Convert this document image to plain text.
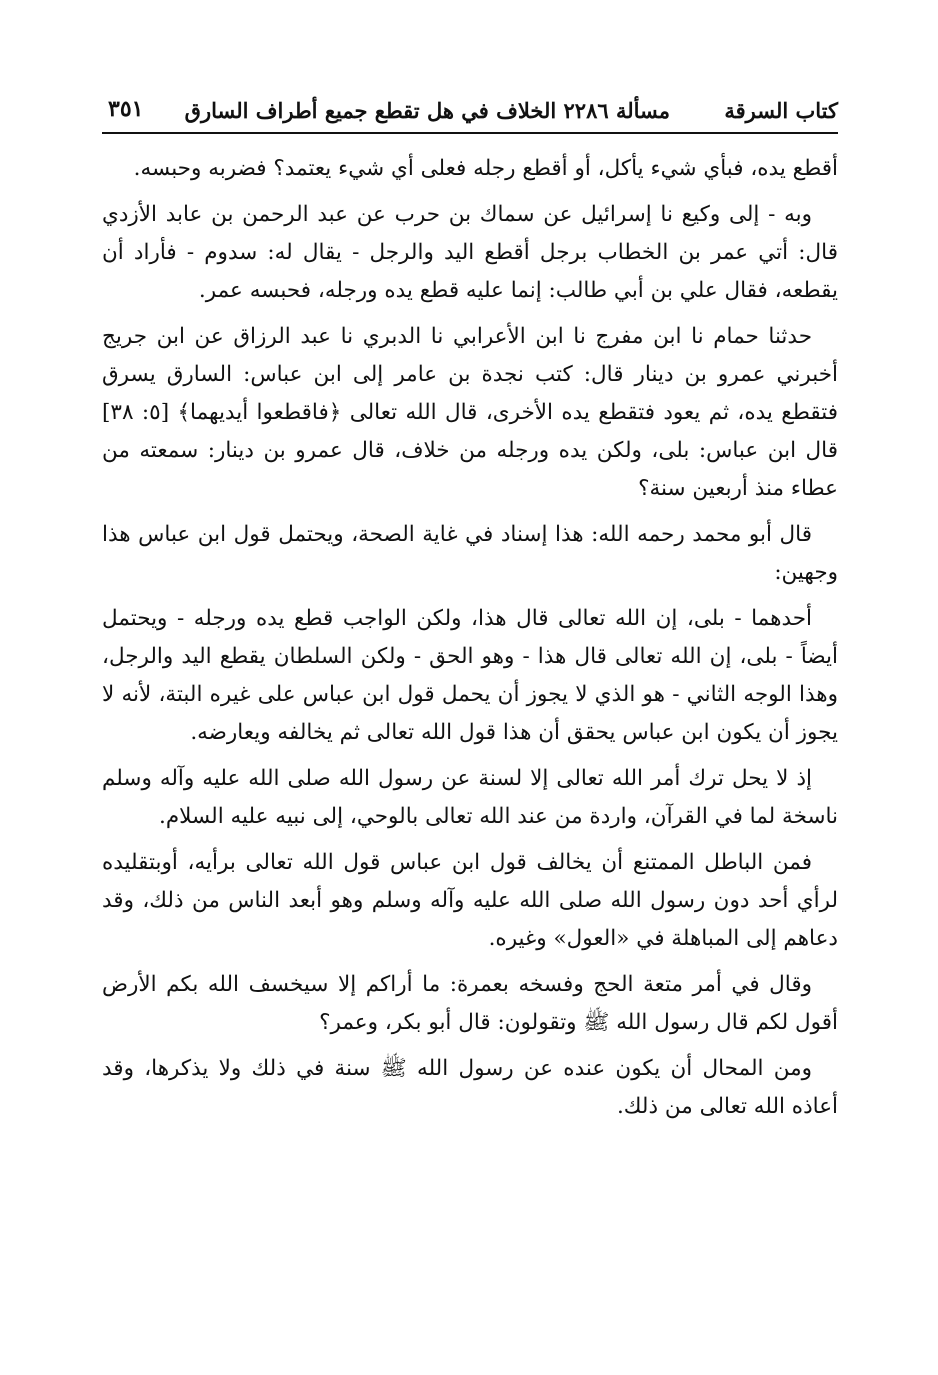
كتاب السرقة
مسألة ٢٢٨٦ الخلاف في هل تقطع جميع أطراف السارق
٣٥١

أقطع يده، فبأي شيء يأكل، أو أقطع رجله فعلى أي شيء يعتمد؟ فضربه وحبسه.

وبه - إلى وكيع نا إسرائيل عن سماك بن حرب عن عبد الرحمن بن عابد الأزدي قال: أتي عمر بن الخطاب برجل أقطع اليد والرجل - يقال له: سدوم - فأراد أن يقطعه، فقال علي بن أبي طالب: إنما عليه قطع يده ورجله، فحبسه عمر.

حدثنا حمام نا ابن مفرج نا ابن الأعرابي نا الدبري نا عبد الرزاق عن ابن جريج أخبرني عمرو بن دينار قال: كتب نجدة بن عامر إلى ابن عباس: السارق يسرق فتقطع يده، ثم يعود فتقطع يده الأخرى، قال الله تعالى ﴿فاقطعوا أيديهما﴾ [٥: ٣٨] قال ابن عباس: بلى، ولكن يده ورجله من خلاف، قال عمرو بن دينار: سمعته من عطاء منذ أربعين سنة؟

قال أبو محمد رحمه الله: هذا إسناد في غاية الصحة، ويحتمل قول ابن عباس هذا وجهين:

أحدهما - بلى، إن الله تعالى قال هذا، ولكن الواجب قطع يده ورجله - ويحتمل أيضاً - بلى، إن الله تعالى قال هذا - وهو الحق - ولكن السلطان يقطع اليد والرجل، وهذا الوجه الثاني - هو الذي لا يجوز أن يحمل قول ابن عباس على غيره البتة، لأنه لا يجوز أن يكون ابن عباس يحقق أن هذا قول الله تعالى ثم يخالفه ويعارضه.

إذ لا يحل ترك أمر الله تعالى إلا لسنة عن رسول الله صلى الله عليه وآله وسلم ناسخة لما في القرآن، واردة من عند الله تعالى بالوحي، إلى نبيه عليه السلام.

فمن الباطل الممتنع أن يخالف قول ابن عباس قول الله تعالى برأيه، أوبتقليده لرأي أحد دون رسول الله صلى الله عليه وآله وسلم وهو أبعد الناس من ذلك، وقد دعاهم إلى المباهلة في «العول» وغيره.

وقال في أمر متعة الحج وفسخه بعمرة: ما أراكم إلا سيخسف الله بكم الأرض أقول لكم قال رسول الله ﷺ وتقولون: قال أبو بكر، وعمر؟

ومن المحال أن يكون عنده عن رسول الله ﷺ سنة في ذلك ولا يذكرها، وقد أعاذه الله تعالى من ذلك.
